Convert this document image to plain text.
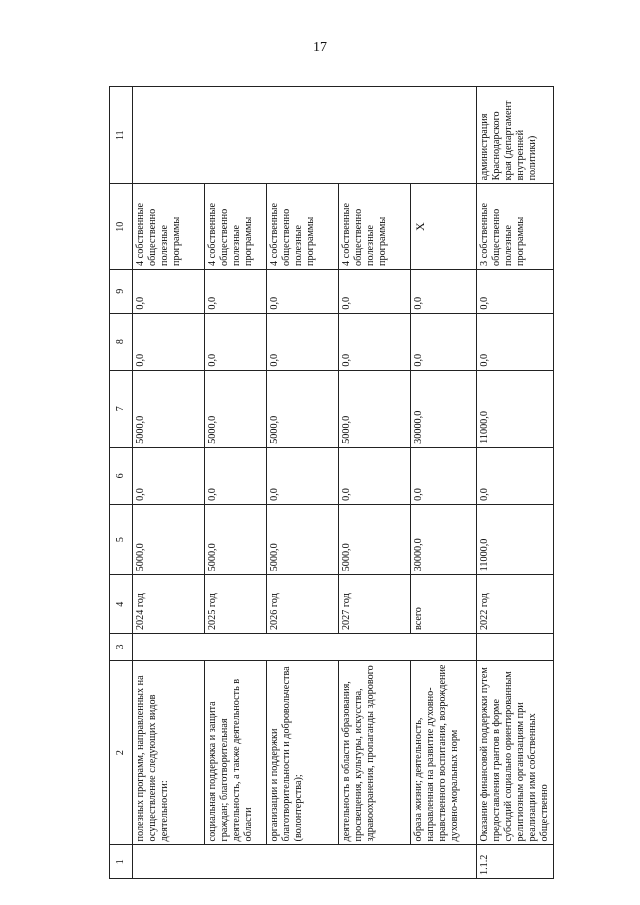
17
1	2	3	4	5	6	7	8	9	10	11
	полезных программ, направленных на осуществление следующих видов деятельности:		2024 год	5000,0	0,0	5000,0	0,0	0,0	4 собственные общественно полезные программы	
	социальная поддержка и защита граждан; благотворительная деятельность, а также деятельность в области		2025 год	5000,0	0,0	5000,0	0,0	0,0	4 собственные общественно полезные программы	
	организации и поддержки благотворительности и добровольчества (волонтерства);		2026 год	5000,0	0,0	5000,0	0,0	0,0	4 собственные общественно полезные программы	
	деятельность в области образования, просвещения, культуры, искусства, здравоохранения, пропаганды здорового		2027 год	5000,0	0,0	5000,0	0,0	0,0	4 собственные общественно полезные программы	
	образа жизни; деятельность, направленная на развитие духовно-нравственного воспитания, возрождение духовно-моральных норм		всего	30000,0	0,0	30000,0	0,0	0,0	X	
1.1.2	Оказание финансовой поддержки путем предоставления грантов в форме субсидий социально ориентированным религиозным организациям при реализации ими собственных общественно		2022 год	11000,0	0,0	11000,0	0,0	0,0	3 собственные общественно полезные программы	администрация Краснодарского края (департамент внутренней политики)
